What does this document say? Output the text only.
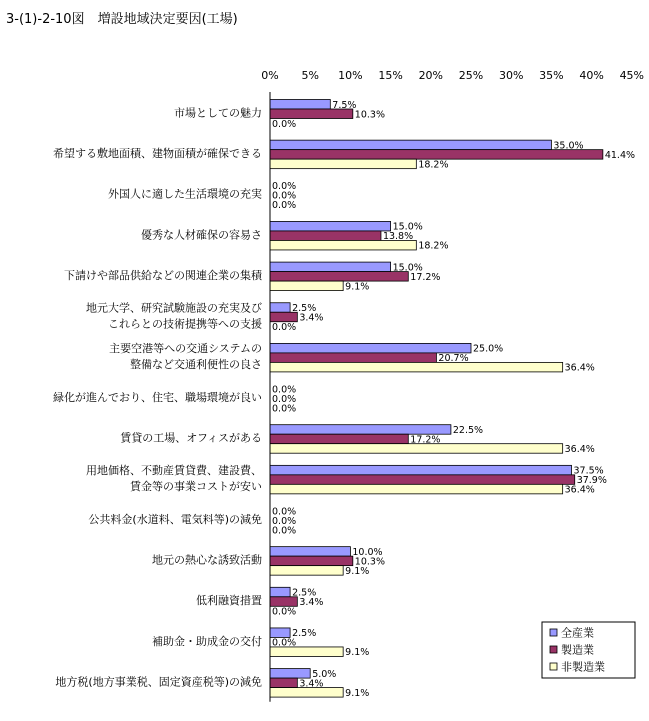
3-(1)-2-10図　増設地域決定要因(工場)
0% 5% 10% 15% 20% 25% 30% 35% 40% 45%
市場としての魅力
希望する敷地面積、建物面積が確保できる
外国人に適した生活環境の充実
優秀な人材確保の容易さ
下請けや部品供給などの関連企業の集積
地元大学、研究試験施設の充実及びこれらとの技術提携等への支援
主要空港等への交通システムの整備など交通利便性の良さ
緑化が進んでおり、住宅、職場環境が良い
賃貸の工場、オフィスがある
用地価格、不動産賃貸費、建設費、賃金等の事業コストが安い
公共料金(水道料、電気料等)の減免
地元の熱心な誘致活動
低利融資措置
補助金・助成金の交付
地方税(地方事業税、固定資産税等)の減免
7.5%
10.3%
0.0%
35.0%
41.4%
18.2%
0.0%
0.0%
0.0%
15.0%
13.8%
18.2%
15.0%
17.2%
9.1%
2.5%
3.4%
0.0%
25.0%
20.7%
36.4%
0.0%
0.0%
0.0%
22.5%
17.2%
36.4%
37.5%
37.9%
36.4%
0.0%
0.0%
0.0%
10.0%
10.3%
9.1%
2.5%
3.4%
0.0%
2.5%
0.0%
9.1%
5.0%
3.4%
9.1%
全産業
製造業
非製造業
